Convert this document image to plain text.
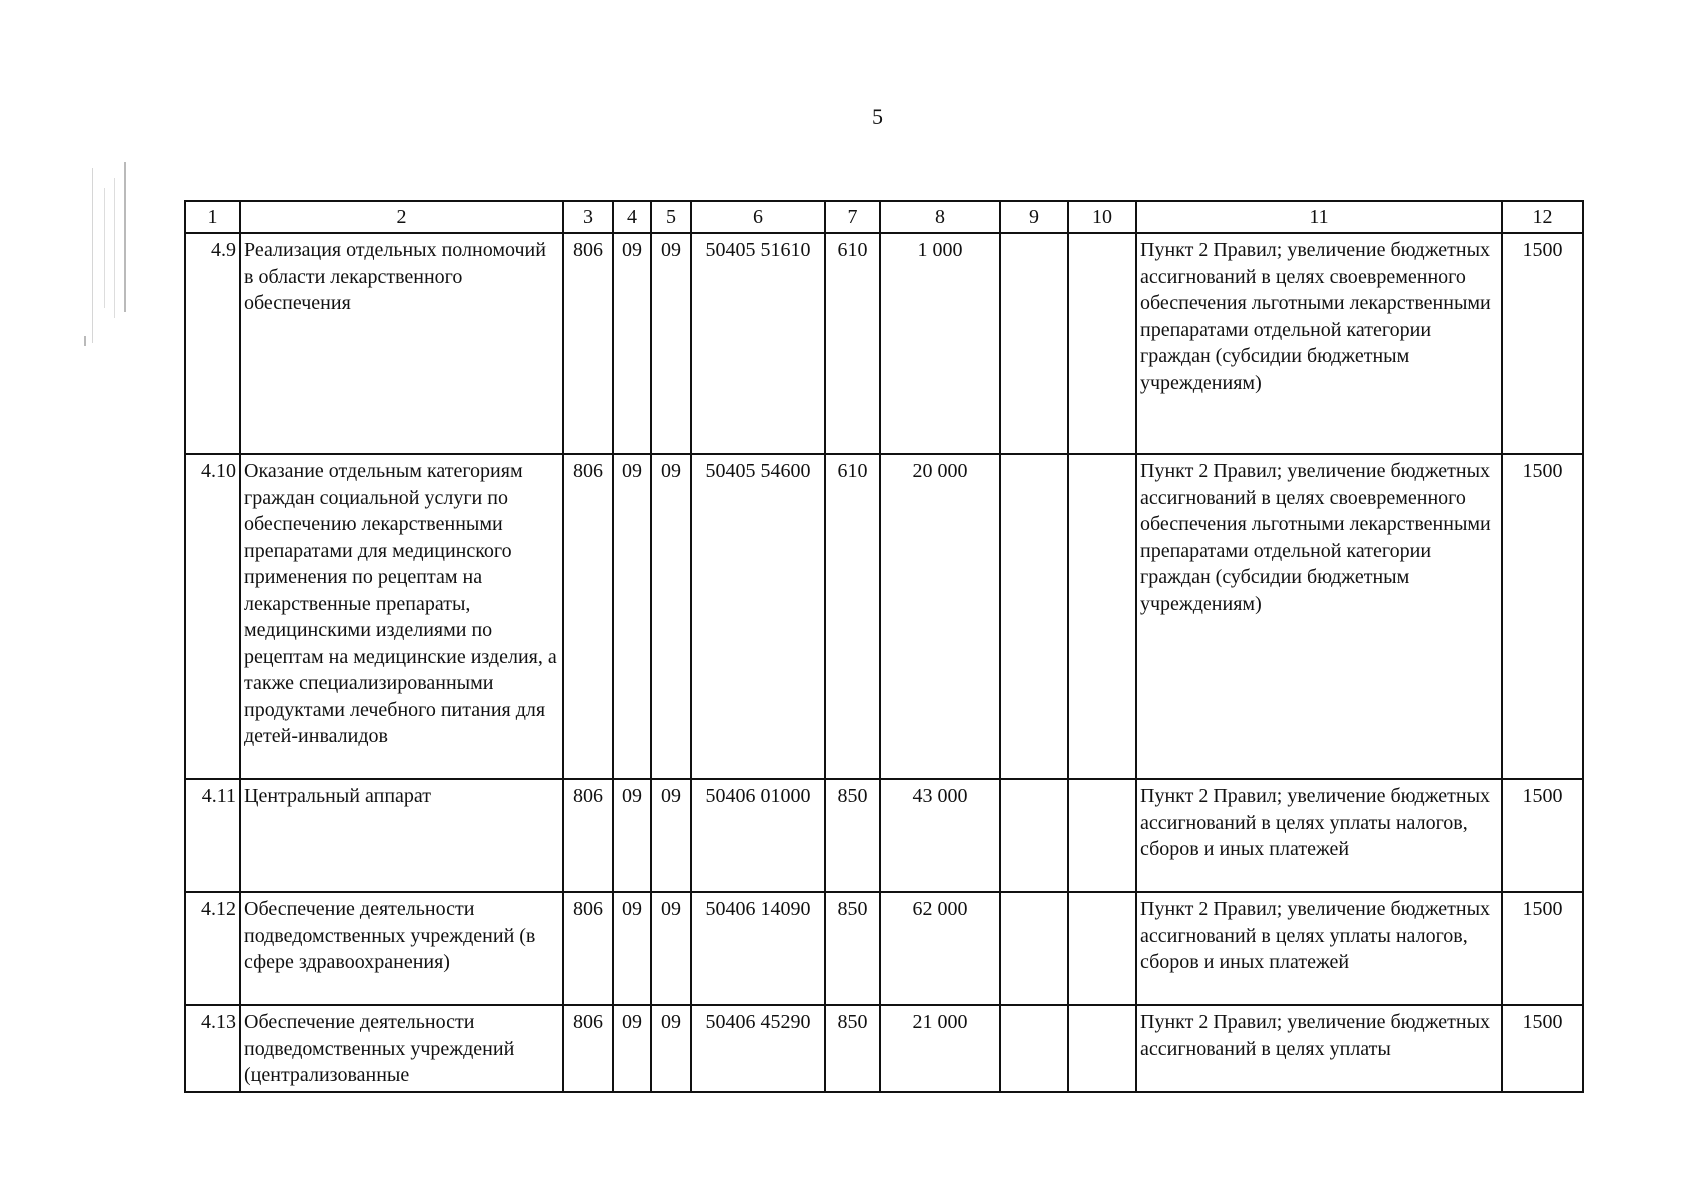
5
1	2	3	4	5	6	7	8	9	10	11	12
4.9	Реализация отдельных полномочий в области лекарственного обеспечения	806	09	09	50405 51610	610	1 000			Пункт 2 Правил; увеличение бюджетных ассигнований в целях своевременного обеспечения льготными лекарственными препаратами отдельной категории граждан (субсидии бюджетным учреждениям)	1500
4.10	Оказание отдельным категориям граждан социальной услуги по обеспечению лекарственными препаратами для медицинского применения по рецептам на лекарственные препараты, медицинскими изделиями по рецептам на медицинские изделия, а также специализированными продуктами лечебного питания для детей-инвалидов	806	09	09	50405 54600	610	20 000			Пункт 2 Правил; увеличение бюджетных ассигнований в целях своевременного обеспечения льготными лекарственными препаратами отдельной категории граждан (субсидии бюджетным учреждениям)	1500
4.11	Центральный аппарат	806	09	09	50406 01000	850	43 000			Пункт 2 Правил; увеличение бюджетных ассигнований в целях уплаты налогов, сборов и иных платежей	1500
4.12	Обеспечение деятельности подведомственных учреждений (в сфере здравоохранения)	806	09	09	50406 14090	850	62 000			Пункт 2 Правил; увеличение бюджетных ассигнований в целях уплаты налогов, сборов и иных платежей	1500
4.13	Обеспечение деятельности подведомственных учреждений (централизованные	806	09	09	50406 45290	850	21 000			Пункт 2 Правил; увеличение бюджетных ассигнований в целях уплаты	1500
